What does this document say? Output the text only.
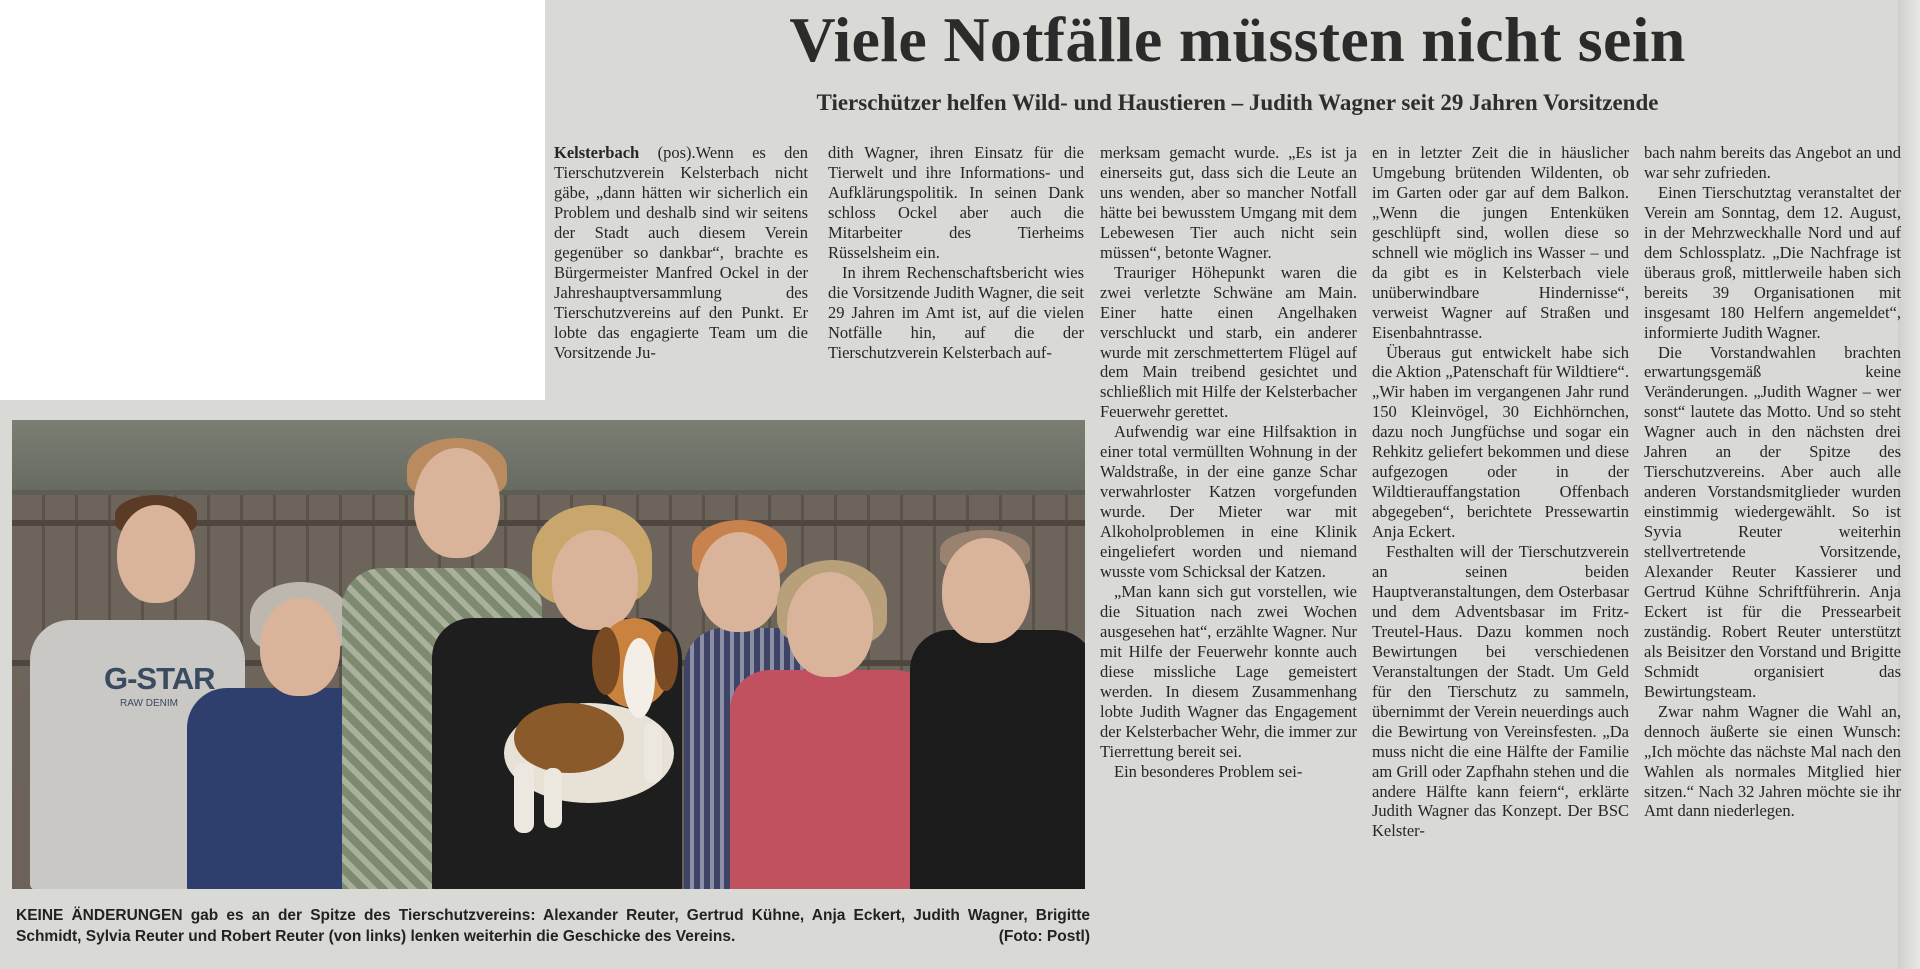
Viele Notfälle müssten nicht sein
Tierschützer helfen Wild- und Haustieren – Judith Wagner seit 29 Jahren Vorsitzende

Kelsterbach (pos).Wenn es den Tierschutzverein Kelsterbach nicht gäbe, „dann hätten wir sicherlich ein Problem und deshalb sind wir seitens der Stadt auch diesem Verein gegenüber so dankbar“, brachte es Bürgermeister Manfred Ockel in der Jahreshauptversammlung des Tierschutzvereins auf den Punkt. Er lobte das engagierte Team um die Vorsitzende Ju-

dith Wagner, ihren Einsatz für die Tierwelt und ihre Informations- und Aufklärungspolitik. In seinen Dank schloss Ockel aber auch die Mitarbeiter des Tierheims Rüsselsheim ein.

In ihrem Rechenschaftsbericht wies die Vorsitzende Judith Wagner, die seit 29 Jahren im Amt ist, auf die vielen Notfälle hin, auf die der Tierschutzverein Kelsterbach auf-

merksam gemacht wurde. „Es ist ja einerseits gut, dass sich die Leute an uns wenden, aber so mancher Notfall hätte bei bewusstem Umgang mit dem Lebewesen Tier auch nicht sein müssen“, betonte Wagner.

Trauriger Höhepunkt waren die zwei verletzte Schwäne am Main. Einer hatte einen Angelhaken verschluckt und starb, ein anderer wurde mit zerschmettertem Flügel auf dem Main treibend gesichtet und schließlich mit Hilfe der Kelsterbacher Feuerwehr gerettet.

Aufwendig war eine Hilfsaktion in einer total vermüllten Wohnung in der Waldstraße, in der eine ganze Schar verwahrloster Katzen vorgefunden wurde. Der Mieter war mit Alkoholproblemen in eine Klinik eingeliefert worden und niemand wusste vom Schicksal der Katzen.

„Man kann sich gut vorstellen, wie die Situation nach zwei Wochen ausgesehen hat“, erzählte Wagner. Nur mit Hilfe der Feuerwehr konnte auch diese missliche Lage gemeistert werden. In diesem Zusammenhang lobte Judith Wagner das Engagement der Kelsterbacher Wehr, die immer zur Tierrettung bereit sei.

Ein besonderes Problem sei-

en in letzter Zeit die in häuslicher Umgebung brütenden Wildenten, ob im Garten oder gar auf dem Balkon. „Wenn die jungen Entenküken geschlüpft sind, wollen diese so schnell wie möglich ins Wasser – und da gibt es in Kelsterbach viele unüberwindbare Hindernisse“, verweist Wagner auf Straßen und Eisenbahntrasse.

Überaus gut entwickelt habe sich die Aktion „Patenschaft für Wildtiere“. „Wir haben im vergangenen Jahr rund 150 Kleinvögel, 30 Eichhörnchen, dazu noch Jungfüchse und sogar ein Rehkitz geliefert bekommen und diese aufgezogen oder in der Wildtierauffangstation Offenbach abgegeben“, berichtete Pressewartin Anja Eckert.

Festhalten will der Tierschutzverein an seinen beiden Hauptveranstaltungen, dem Osterbasar und dem Adventsbasar im Fritz-Treutel-Haus. Dazu kommen noch Bewirtungen bei verschiedenen Veranstaltungen der Stadt. Um Geld für den Tierschutz zu sammeln, übernimmt der Verein neuerdings auch die Bewirtung von Vereinsfesten. „Da muss nicht die eine Hälfte der Familie am Grill oder Zapfhahn stehen und die andere Hälfte kann feiern“, erklärte Judith Wagner das Konzept. Der BSC Kelster-

bach nahm bereits das Angebot an und war sehr zufrieden.

Einen Tierschutztag veranstaltet der Verein am Sonntag, dem 12. August, in der Mehrzweckhalle Nord und auf dem Schlossplatz. „Die Nachfrage ist überaus groß, mittlerweile haben sich bereits 39 Organisationen mit insgesamt 180 Helfern angemeldet“, informierte Judith Wagner.

Die Vorstandwahlen brachten erwartungsgemäß keine Veränderungen. „Judith Wagner – wer sonst“ lautete das Motto. Und so steht Wagner auch in den nächsten drei Jahren an der Spitze des Tierschutzvereins. Aber auch alle anderen Vorstandsmitglieder wurden einstimmig wiedergewählt. So ist Syvia Reuter weiterhin stellvertretende Vorsitzende, Alexander Reuter Kassierer und Gertrud Kühne Schriftführerin. Anja Eckert ist für die Pressearbeit zuständig. Robert Reuter unterstützt als Beisitzer den Vorstand und Brigitte Schmidt organisiert das Bewirtungsteam.

Zwar nahm Wagner die Wahl an, dennoch äußerte sie einen Wunsch: „Ich möchte das nächste Mal nach den Wahlen als normales Mitglied hier sitzen.“ Nach 32 Jahren möchte sie ihr Amt dann niederlegen.

G-STAR
RAW DENIM

KEINE ÄNDERUNGEN gab es an der Spitze des Tierschutzvereins: Alexander Reuter, Gertrud Kühne, Anja Eckert, Judith Wagner, Brigitte Schmidt, Sylvia Reuter und Robert Reuter (von links) lenken weiterhin die Geschicke des Vereins.	(Foto: Postl)
